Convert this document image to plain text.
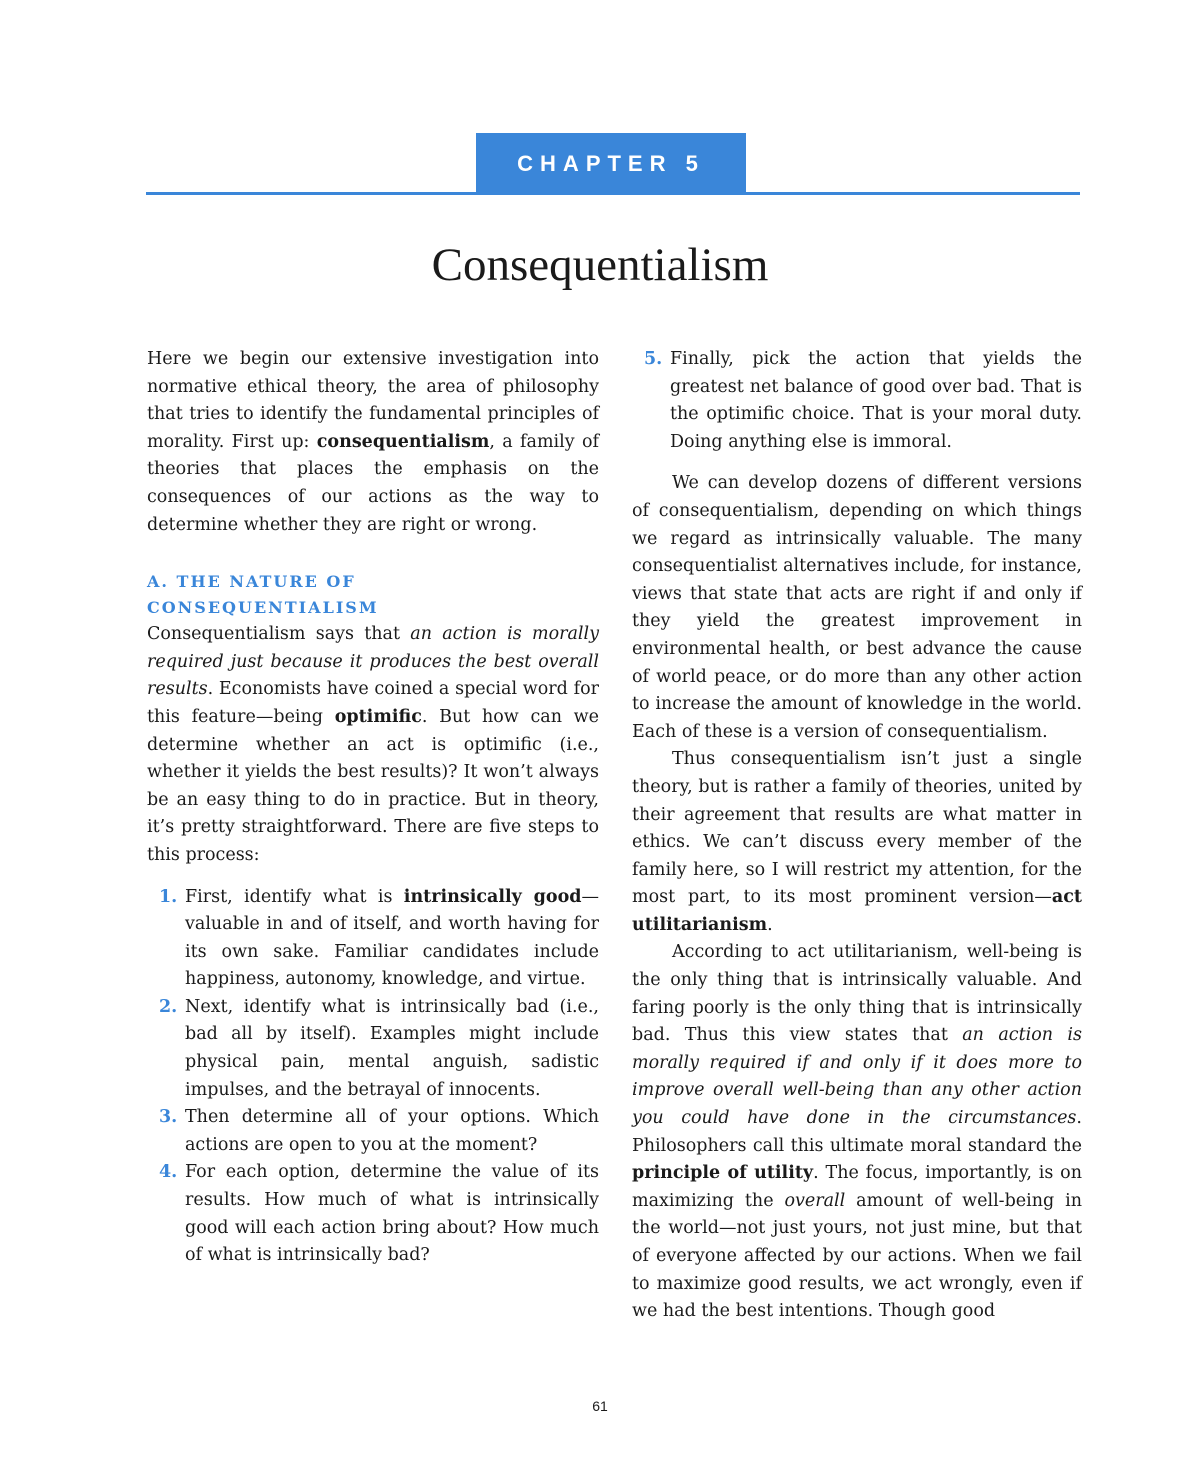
CHAPTER 5
Consequentialism

Here we begin our extensive investigation into normative ethical theory, the area of philosophy that tries to identify the fundamental principles of morality. First up: consequentialism, a family of theories that places the emphasis on the consequences of our actions as the way to determine whether they are right or wrong.

A. THE NATURE OF
CONSEQUENTIALISM

Consequentialism says that an action is morally required just because it produces the best overall results. Economists have coined a special word for this feature—being optimific. But how can we determine whether an act is optimific (i.e., whether it yields the best results)? It won’t always be an easy thing to do in practice. But in theory, it’s pretty straightforward. There are five steps to this process:

1. First, identify what is intrinsically good—valuable in and of itself, and worth having for its own sake. Familiar candidates include happiness, autonomy, knowledge, and virtue.
2. Next, identify what is intrinsically bad (i.e., bad all by itself). Examples might include physical pain, mental anguish, sadistic impulses, and the betrayal of innocents.
3. Then determine all of your options. Which actions are open to you at the moment?
4. For each option, determine the value of its results. How much of what is intrinsically good will each action bring about? How much of what is intrinsically bad?
5. Finally, pick the action that yields the greatest net balance of good over bad. That is the optimific choice. That is your moral duty. Doing anything else is immoral.

We can develop dozens of different versions of consequentialism, depending on which things we regard as intrinsically valuable. The many consequentialist alternatives include, for instance, views that state that acts are right if and only if they yield the greatest improvement in environmental health, or best advance the cause of world peace, or do more than any other action to increase the amount of knowledge in the world. Each of these is a version of consequentialism.

Thus consequentialism isn’t just a single theory, but is rather a family of theories, united by their agreement that results are what matter in ethics. We can’t discuss every member of the family here, so I will restrict my attention, for the most part, to its most prominent version—act utilitarianism.

According to act utilitarianism, well-being is the only thing that is intrinsically valuable. And faring poorly is the only thing that is intrinsically bad. Thus this view states that an action is morally required if and only if it does more to improve overall well-being than any other action you could have done in the circumstances. Philosophers call this ultimate moral standard the principle of utility. The focus, importantly, is on maximizing the overall amount of well-being in the world—not just yours, not just mine, but that of everyone affected by our actions. When we fail to maximize good results, we act wrongly, even if we had the best intentions. Though good

61
